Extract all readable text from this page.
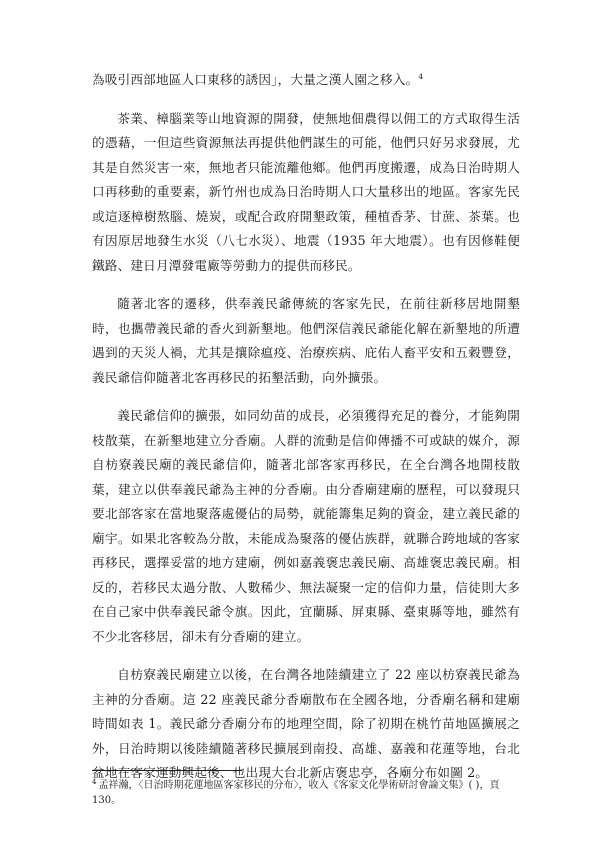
為吸引西部地區人口東移的誘因」，大量之漢人園之移入。$^4$

茶業、樟腦業等山地資源的開發，使無地佃農得以佣工的方式取得生活的憑藉，一但這些資源無法再提供他們謀生的可能，他們只好另求發展，尤其是自然災害一來，無地者只能流離他鄉。他們再度搬遷，成為日治時期人口再移動的重要素，新竹州也成為日治時期人口大量移出的地區。客家先民或這逐樟樹熬腦、燒炭，或配合政府開墾政策，種植香茅、甘蔗、茶葉。也有因原居地發生水災（八七水災）、地震（1935 年大地震）。也有因修鞋便鐵路、建日月潭發電廠等勞動力的提供而移民。

隨著北客的遷移，供奉義民爺傳統的客家先民，在前往新移居地開墾時，也攜帶義民爺的香火到新墾地。他們深信義民爺能化解在新墾地的所遭遇到的天災人禍，尤其是攘除瘟疫、治療疾病、庇佑人畜平安和五穀豐登，義民爺信仰隨著北客再移民的拓墾活動，向外擴張。

義民爺信仰的擴張，如同幼苗的成長，必須獲得充足的養分，才能夠開枝散葉，在新墾地建立分香廟。人群的流動是信仰傳播不可或缺的媒介，源自枋寮義民廟的義民爺信仰，隨著北部客家再移民，在全台灣各地開枝散葉，建立以供奉義民爺為主神的分香廟。由分香廟建廟的歷程，可以發現只要北部客家在當地聚落處優佔的局勢，就能籌集足夠的資金，建立義民爺的廟宇。如果北客較為分散，未能成為聚落的優佔族群，就聯合跨地域的客家再移民，選擇妥當的地方建廟，例如嘉義褒忠義民廟、高雄褒忠義民廟。相反的，若移民太過分散、人數稀少、無法凝聚一定的信仰力量，信徒則大多在自己家中供奉義民爺令旗。因此，宜蘭縣、屏東縣、臺東縣等地，雖然有不少北客移居，卻未有分香廟的建立。

自枋寮義民廟建立以後，在台灣各地陸續建立了 22 座以枋寮義民爺為主神的分香廟。這 22 座義民爺分香廟散布在全國各地，分香廟名稱和建廟時間如表 1。義民爺分香廟分布的地理空間，除了初期在桃竹苗地區擴展之外，日治時期以後陸續隨著移民擴展到南投、高雄、嘉義和花蓮等地，台北盆地在客家運動興起後、也出現大台北新店褒忠亭，各廟分布如圖 2。

$^4$ 孟祥瀚，〈日治時期花蓮地區客家移民的分布〉，收入《客家文化學術研討會論文集》( )，頁 130。
